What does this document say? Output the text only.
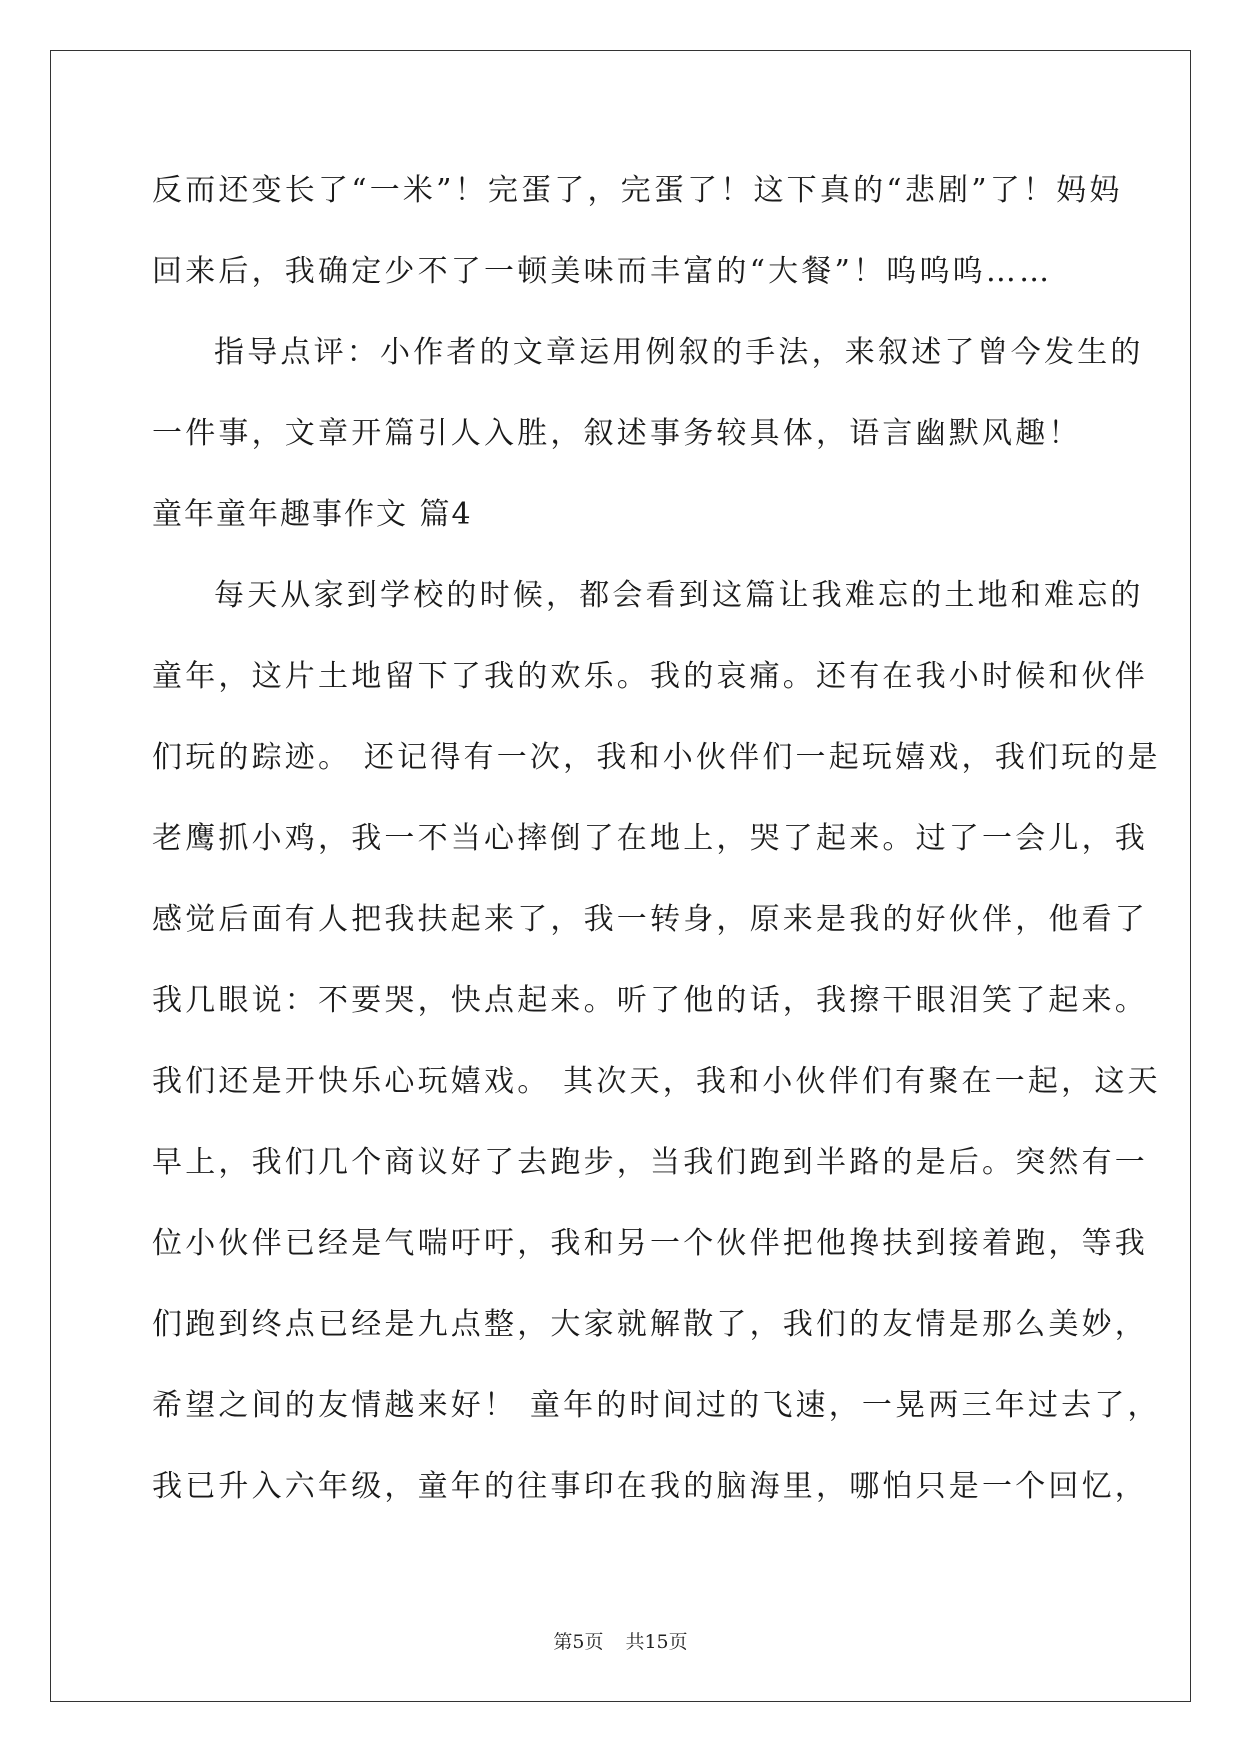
反而还变长了“一米”！完蛋了，完蛋了！这下真的“悲剧”了！妈妈
回来后，我确定少不了一顿美味而丰富的“大餐”！呜呜呜……
指导点评：小作者的文章运用例叙的手法，来叙述了曾今发生的
一件事，文章开篇引人入胜，叙述事务较具体，语言幽默风趣！
童年童年趣事作文 篇4
每天从家到学校的时候，都会看到这篇让我难忘的土地和难忘的
童年，这片土地留下了我的欢乐。我的哀痛。还有在我小时候和伙伴
们玩的踪迹。 还记得有一次，我和小伙伴们一起玩嬉戏，我们玩的是
老鹰抓小鸡，我一不当心摔倒了在地上，哭了起来。过了一会儿，我
感觉后面有人把我扶起来了，我一转身，原来是我的好伙伴，他看了
我几眼说：不要哭，快点起来。听了他的话，我擦干眼泪笑了起来。
我们还是开快乐心玩嬉戏。 其次天，我和小伙伴们有聚在一起，这天
早上，我们几个商议好了去跑步，当我们跑到半路的是后。突然有一
位小伙伴已经是气喘吁吁，我和另一个伙伴把他搀扶到接着跑，等我
们跑到终点已经是九点整，大家就解散了，我们的友情是那么美妙，
希望之间的友情越来好！ 童年的时间过的飞速，一晃两三年过去了，
我已升入六年级，童年的往事印在我的脑海里，哪怕只是一个回忆，
第5页 共15页
